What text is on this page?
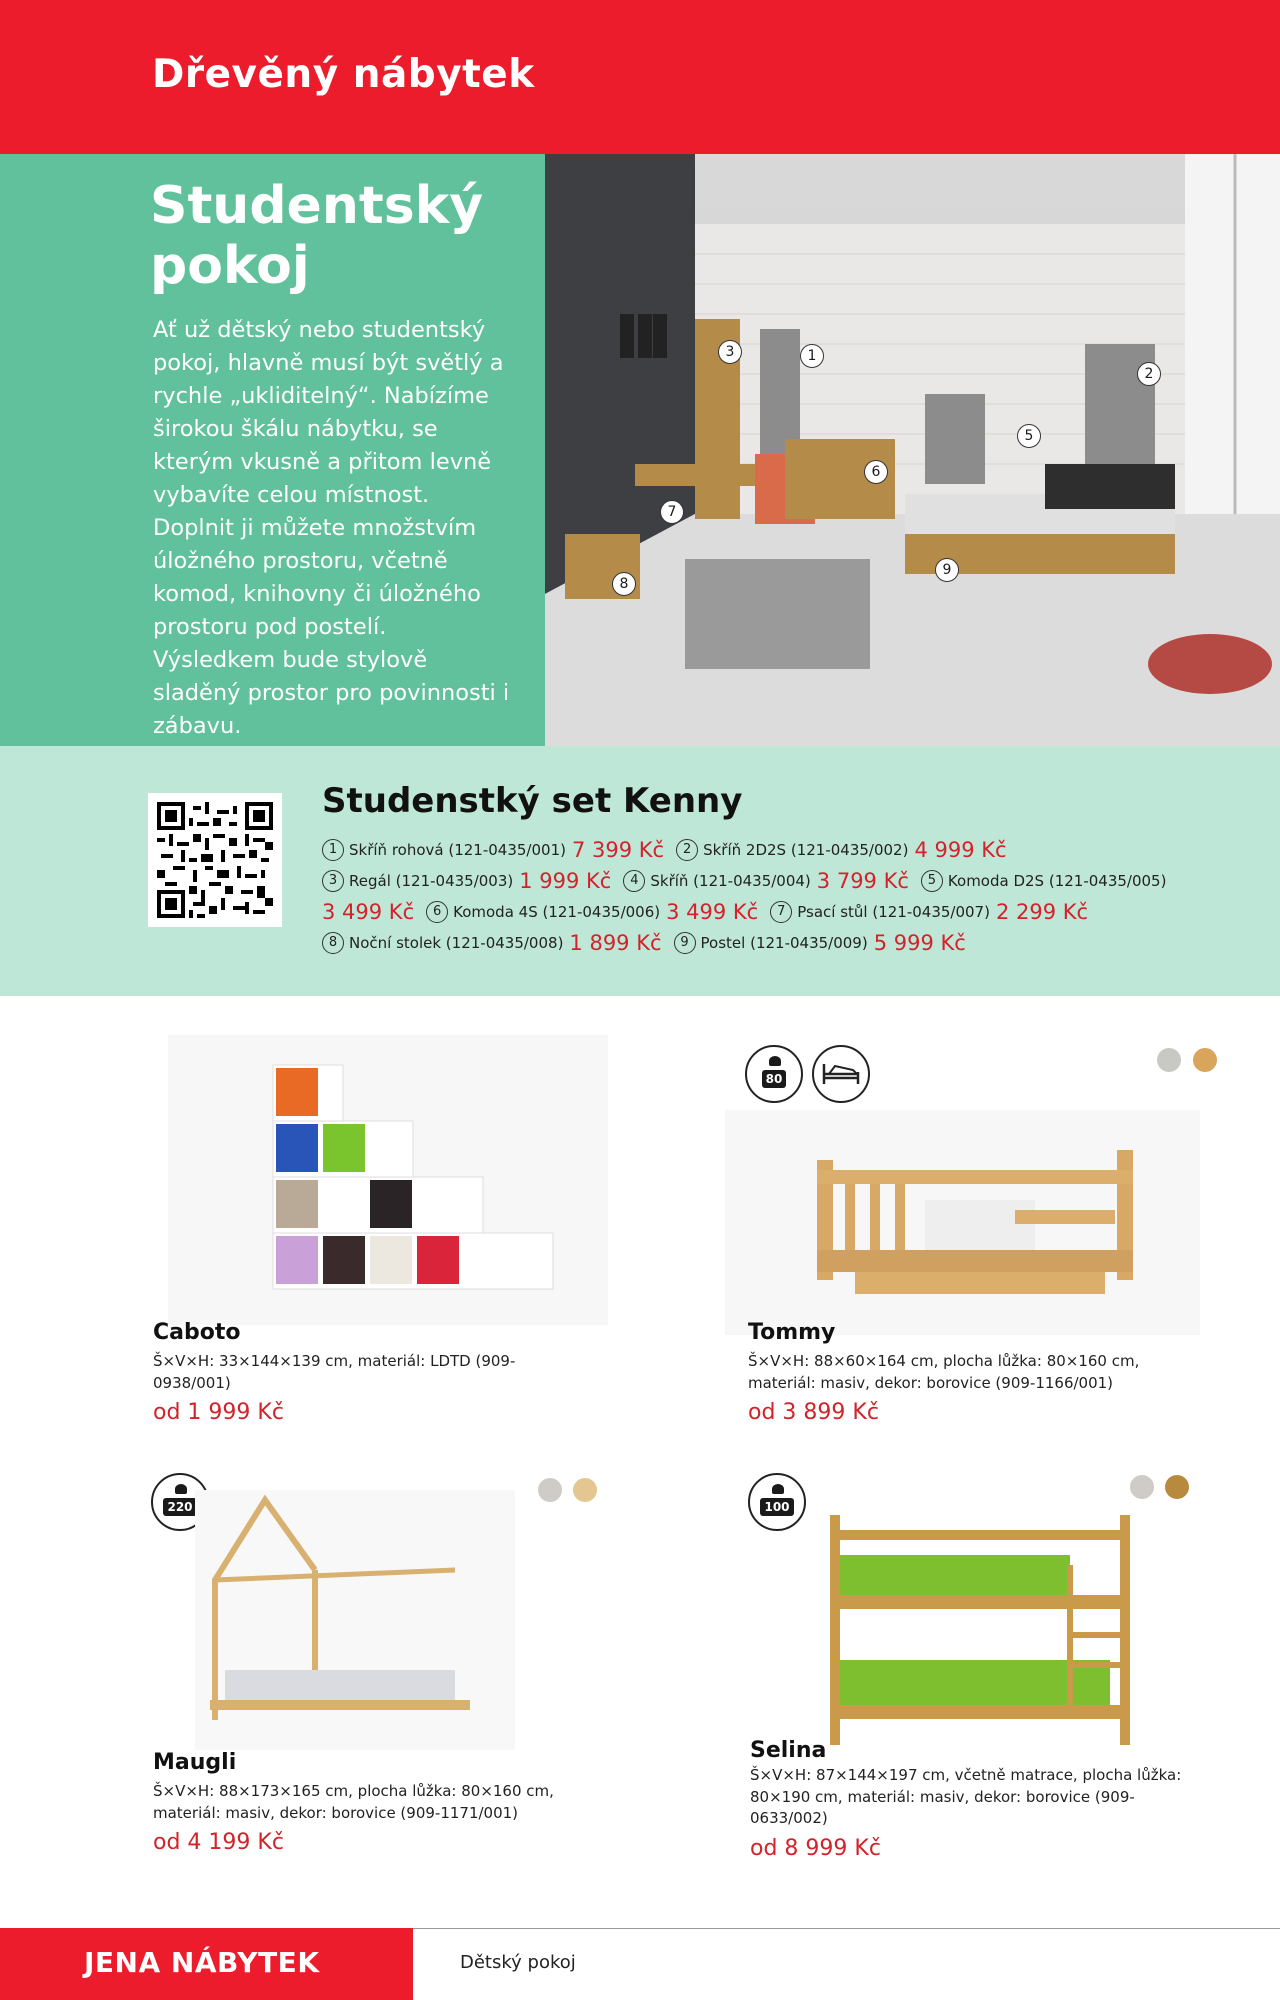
Dřevěný nábytek
Studentský pokoj

Ať už dětský nebo studentský pokoj, hlavně musí být světlý a rychle „ukliditelný“. Nabízíme širokou škálu nábytku, se kterým vkusně a přitom levně vybavíte celou místnost. Doplnit ji můžete množstvím úložného prostoru, včetně komod, knihovny či úložného prostoru pod postelí. Výsledkem bude stylově sladěný prostor pro povinnosti i zábavu.

Studenstký set Kenny
1 Skříň rohová (121-0435/001) 7 399 Kč	2 Skříň 2D2S (121-0435/002) 4 999 Kč
3 Regál (121-0435/003) 1 999 Kč	4 Skříň (121-0435/004) 3 799 Kč	5 Komoda D2S (121-0435/005)
3 499 Kč	6 Komoda 4S (121-0435/006) 3 499 Kč	7 Psací stůl (121-0435/007) 2 299 Kč
8 Noční stolek (121-0435/008) 1 899 Kč	9 Postel (121-0435/009) 5 999 Kč
Caboto
Š×V×H: 33×144×139 cm, materiál: LDTD (909-0938/001)
od 1 999 Kč
80
Tommy
Š×V×H: 88×60×164 cm, plocha lůžka: 80×160 cm, materiál: masiv, dekor: borovice (909-1166/001)
od 3 899 Kč
220
Maugli
Š×V×H: 88×173×165 cm, plocha lůžka: 80×160 cm, materiál: masiv, dekor: borovice (909-1171/001)
od 4 199 Kč
100
Selina
Š×V×H: 87×144×197 cm, včetně matrace, plocha lůžka: 80×190 cm, materiál: masiv, dekor: borovice (909-0633/002)
od 8 999 Kč
JENA NÁBYTEK	Dětský pokoj
1
2
3
5
6
7
8
9
